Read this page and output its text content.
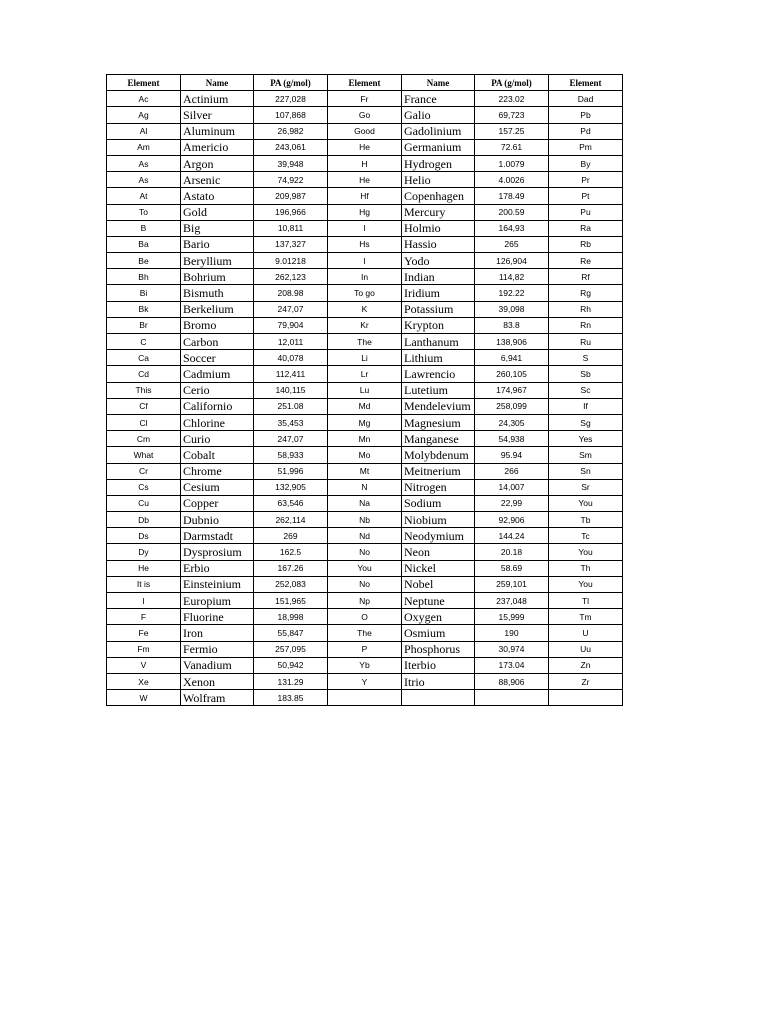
Element	Name	PA (g/mol)	Element	Name	PA (g/mol)	Element
Ac	Actinium	227,028	Fr	France	223.02	Dad
Ag	Silver	107,868	Go	Galio	69,723	Pb
Al	Aluminum	26,982	Good	Gadolinium	157.25	Pd
Am	Americio	243,061	He	Germanium	72.61	Pm
As	Argon	39,948	H	Hydrogen	1.0079	By
As	Arsenic	74,922	He	Helio	4.0026	Pr
At	Astato	209,987	Hf	Copenhagen	178.49	Pt
To	Gold	196,966	Hg	Mercury	200.59	Pu
B	Big	10,811	I	Holmio	164,93	Ra
Ba	Bario	137,327	Hs	Hassio	265	Rb
Be	Beryllium	9.01218	I	Yodo	126,904	Re
Bh	Bohrium	262,123	In	Indian	114,82	Rf
Bi	Bismuth	208.98	To go	Iridium	192.22	Rg
Bk	Berkelium	247,07	K	Potassium	39,098	Rh
Br	Bromo	79,904	Kr	Krypton	83.8	Rn
C	Carbon	12,011	The	Lanthanum	138,906	Ru
Ca	Soccer	40,078	Li	Lithium	6,941	S
Cd	Cadmium	112,411	Lr	Lawrencio	260,105	Sb
This	Cerio	140,115	Lu	Lutetium	174,967	Sc
Cf	Californio	251.08	Md	Mendelevium	258,099	If
Cl	Chlorine	35,453	Mg	Magnesium	24,305	Sg
Cm	Curio	247,07	Mn	Manganese	54,938	Yes
What	Cobalt	58,933	Mo	Molybdenum	95.94	Sm
Cr	Chrome	51,996	Mt	Meitnerium	266	Sn
Cs	Cesium	132,905	N	Nitrogen	14,007	Sr
Cu	Copper	63,546	Na	Sodium	22,99	You
Db	Dubnio	262,114	Nb	Niobium	92,906	Tb
Ds	Darmstadt	269	Nd	Neodymium	144.24	Tc
Dy	Dysprosium	162.5	No	Neon	20.18	You
He	Erbio	167.26	You	Nickel	58.69	Th
It is	Einsteinium	252,083	No	Nobel	259,101	You
I	Europium	151,965	Np	Neptune	237,048	Tl
F	Fluorine	18,998	O	Oxygen	15,999	Tm
Fe	Iron	55,847	The	Osmium	190	U
Fm	Fermio	257,095	P	Phosphorus	30,974	Uu
V	Vanadium	50,942	Yb	Iterbio	173.04	Zn
Xe	Xenon	131.29	Y	Itrio	88,906	Zr
W	Wolfram	183.85				
